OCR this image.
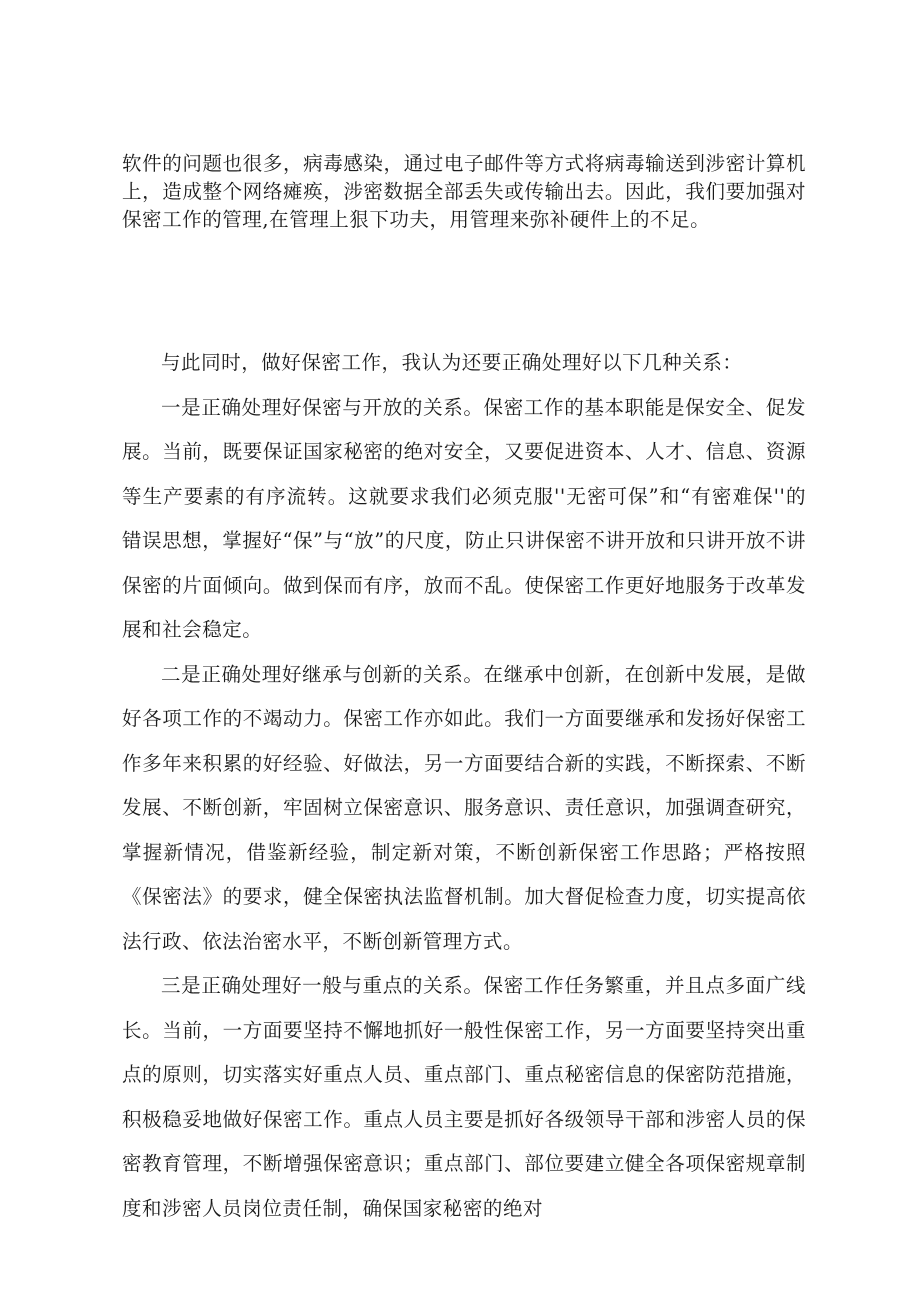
软件的问题也很多，病毒感染，通过电子邮件等方式将病毒输送到涉密计算机上，造成整个网络瘫痪，涉密数据全部丢失或传输出去。因此，我们要加强对保密工作的管理,在管理上狠下功夫，用管理来弥补硬件上的不足。

与此同时，做好保密工作，我认为还要正确处理好以下几种关系：

一是正确处理好保密与开放的关系。保密工作的基本职能是保安全、促发展。当前，既要保证国家秘密的绝对安全，又要促进资本、人才、信息、资源等生产要素的有序流转。这就要求我们必须克服''无密可保”和“有密难保''的错误思想，掌握好“保”与“放”的尺度，防止只讲保密不讲开放和只讲开放不讲保密的片面倾向。做到保而有序，放而不乱。使保密工作更好地服务于改革发展和社会稳定。

二是正确处理好继承与创新的关系。在继承中创新，在创新中发展，是做好各项工作的不竭动力。保密工作亦如此。我们一方面要继承和发扬好保密工作多年来积累的好经验、好做法，另一方面要结合新的实践，不断探索、不断发展、不断创新，牢固树立保密意识、服务意识、责任意识，加强调查研究，掌握新情况，借鉴新经验，制定新对策，不断创新保密工作思路；严格按照《保密法》的要求，健全保密执法监督机制。加大督促检查力度，切实提高依法行政、依法治密水平，不断创新管理方式。

三是正确处理好一般与重点的关系。保密工作任务繁重，并且点多面广线长。当前，一方面要坚持不懈地抓好一般性保密工作，另一方面要坚持突出重点的原则，切实落实好重点人员、重点部门、重点秘密信息的保密防范措施，积极稳妥地做好保密工作。重点人员主要是抓好各级领导干部和涉密人员的保密教育管理，不断增强保密意识；重点部门、部位要建立健全各项保密规章制度和涉密人员岗位责任制，确保国家秘密的绝对
